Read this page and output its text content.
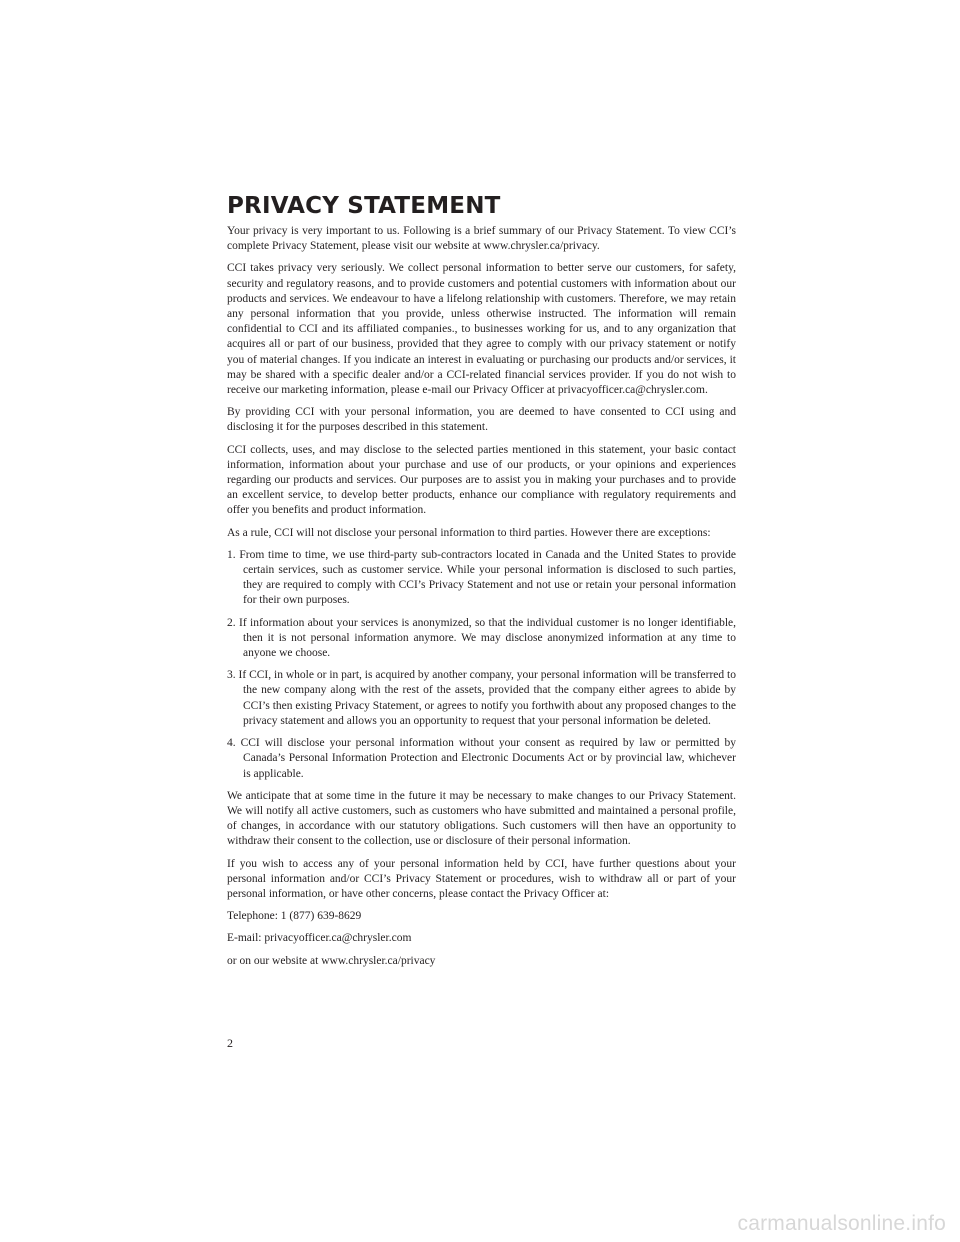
PRIVACY STATEMENT

Your privacy is very important to us. Following is a brief summary of our Privacy Statement. To view CCI’s complete Privacy Statement, please visit our website at www.chrysler.ca/privacy.

CCI takes privacy very seriously. We collect personal information to better serve our customers, for safety, security and regulatory reasons, and to provide customers and potential customers with information about our products and services. We endeavour to have a lifelong relationship with customers. Therefore, we may retain any personal information that you provide, unless otherwise instructed. The information will remain confidential to CCI and its affiliated companies., to businesses working for us, and to any organization that acquires all or part of our business, provided that they agree to comply with our privacy statement or notify you of material changes. If you indicate an interest in evaluating or purchasing our products and/or services, it may be shared with a specific dealer and/or a CCI-related financial services provider. If you do not wish to receive our marketing information, please e-mail our Privacy Officer at privacyofficer.ca@chrysler.com.

By providing CCI with your personal information, you are deemed to have consented to CCI using and disclosing it for the purposes described in this statement.

CCI collects, uses, and may disclose to the selected parties mentioned in this statement, your basic contact information, information about your purchase and use of our products, or your opinions and experiences regarding our products and services. Our purposes are to assist you in making your purchases and to provide an excellent service, to develop better products, enhance our compliance with regulatory requirements and offer you benefits and product information.

As a rule, CCI will not disclose your personal information to third parties. However there are exceptions:

1. From time to time, we use third-party sub-contractors located in Canada and the United States to provide certain services, such as customer service. While your personal information is disclosed to such parties, they are required to comply with CCI’s Privacy Statement and not use or retain your personal information for their own purposes.
2. If information about your services is anonymized, so that the individual customer is no longer identifiable, then it is not personal information anymore. We may disclose anonymized information at any time to anyone we choose.
3. If CCI, in whole or in part, is acquired by another company, your personal information will be transferred to the new company along with the rest of the assets, provided that the company either agrees to abide by CCI’s then existing Privacy Statement, or agrees to notify you forthwith about any proposed changes to the privacy statement and allows you an opportunity to request that your personal information be deleted.
4. CCI will disclose your personal information without your consent as required by law or permitted by Canada’s Personal Information Protection and Electronic Documents Act or by provincial law, whichever is applicable.

We anticipate that at some time in the future it may be necessary to make changes to our Privacy Statement. We will notify all active customers, such as customers who have submitted and maintained a personal profile, of changes, in accordance with our statutory obligations. Such customers will then have an opportunity to withdraw their consent to the collection, use or disclosure of their personal information.

If you wish to access any of your personal information held by CCI, have further questions about your personal information and/or CCI’s Privacy Statement or procedures, wish to withdraw all or part of your personal information, or have other concerns, please contact the Privacy Officer at:

Telephone: 1 (877) 639-8629

E-mail: privacyofficer.ca@chrysler.com

or on our website at www.chrysler.ca/privacy

2
carmanualsonline.info
